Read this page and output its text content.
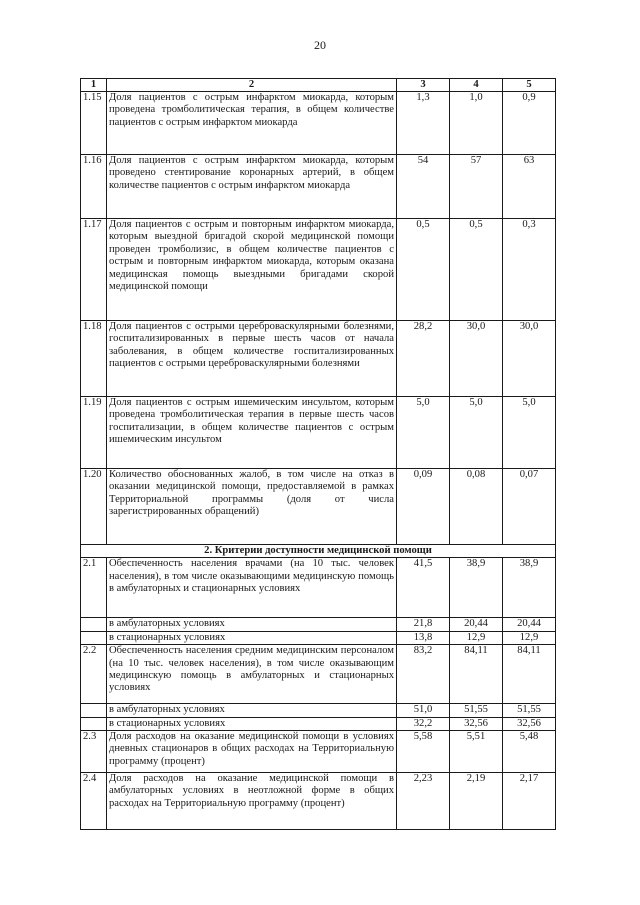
20
1	2	3	4	5
1.15	Доля пациентов с острым инфарктом миокарда, которым проведена тромболитическая терапия, в общем количестве пациентов с острым инфарктом миокарда	1,3	1,0	0,9
1.16	Доля пациентов с острым инфарктом миокарда, которым проведено стентирование коронарных артерий, в общем количестве пациентов с острым инфарктом миокарда	54	57	63
1.17	Доля пациентов с острым и повторным инфарктом миокарда, которым выездной бригадой скорой медицинской помощи проведен тромболизис, в общем количестве пациентов с острым и повторным инфарктом миокарда, которым оказана медицинская помощь выездными бригадами скорой медицинской помощи	0,5	0,5	0,3
1.18	Доля пациентов с острыми цереброваскулярными болезнями, госпитализированных в первые шесть часов от начала заболевания, в общем количестве госпитализированных пациентов с острыми цереброваскулярными болезнями	28,2	30,0	30,0
1.19	Доля пациентов с острым ишемическим инсультом, которым проведена тромболитическая терапия в первые шесть часов госпитализации, в общем количестве пациентов с острым ишемическим инсультом	5,0	5,0	5,0
1.20	Количество обоснованных жалоб, в том числе на отказ в оказании медицинской помощи, предоставляемой в рамках Территориальной программы (доля от числа зарегистрированных обращений)	0,09	0,08	0,07
2. Критерии доступности медицинской помощи				
2.1	Обеспеченность населения врачами (на 10 тыс. человек населения), в том числе оказывающими медицинскую помощь в амбулаторных и стационарных условиях	41,5	38,9	38,9
	в амбулаторных условиях	21,8	20,44	20,44
	в стационарных условиях	13,8	12,9	12,9
2.2	Обеспеченность населения средним медицинским персоналом (на 10 тыс. человек населения), в том числе оказывающим медицинскую помощь в амбулаторных и стационарных условиях	83,2	84,11	84,11
	в амбулаторных условиях	51,0	51,55	51,55
	в стационарных условиях	32,2	32,56	32,56
2.3	Доля расходов на оказание медицинской помощи в условиях дневных стационаров в общих расходах на Территориальную программу (процент)	5,58	5,51	5,48
2.4	Доля расходов на оказание медицинской помощи в амбулаторных условиях в неотложной форме в общих расходах на Территориальную программу (процент)	2,23	2,19	2,17
